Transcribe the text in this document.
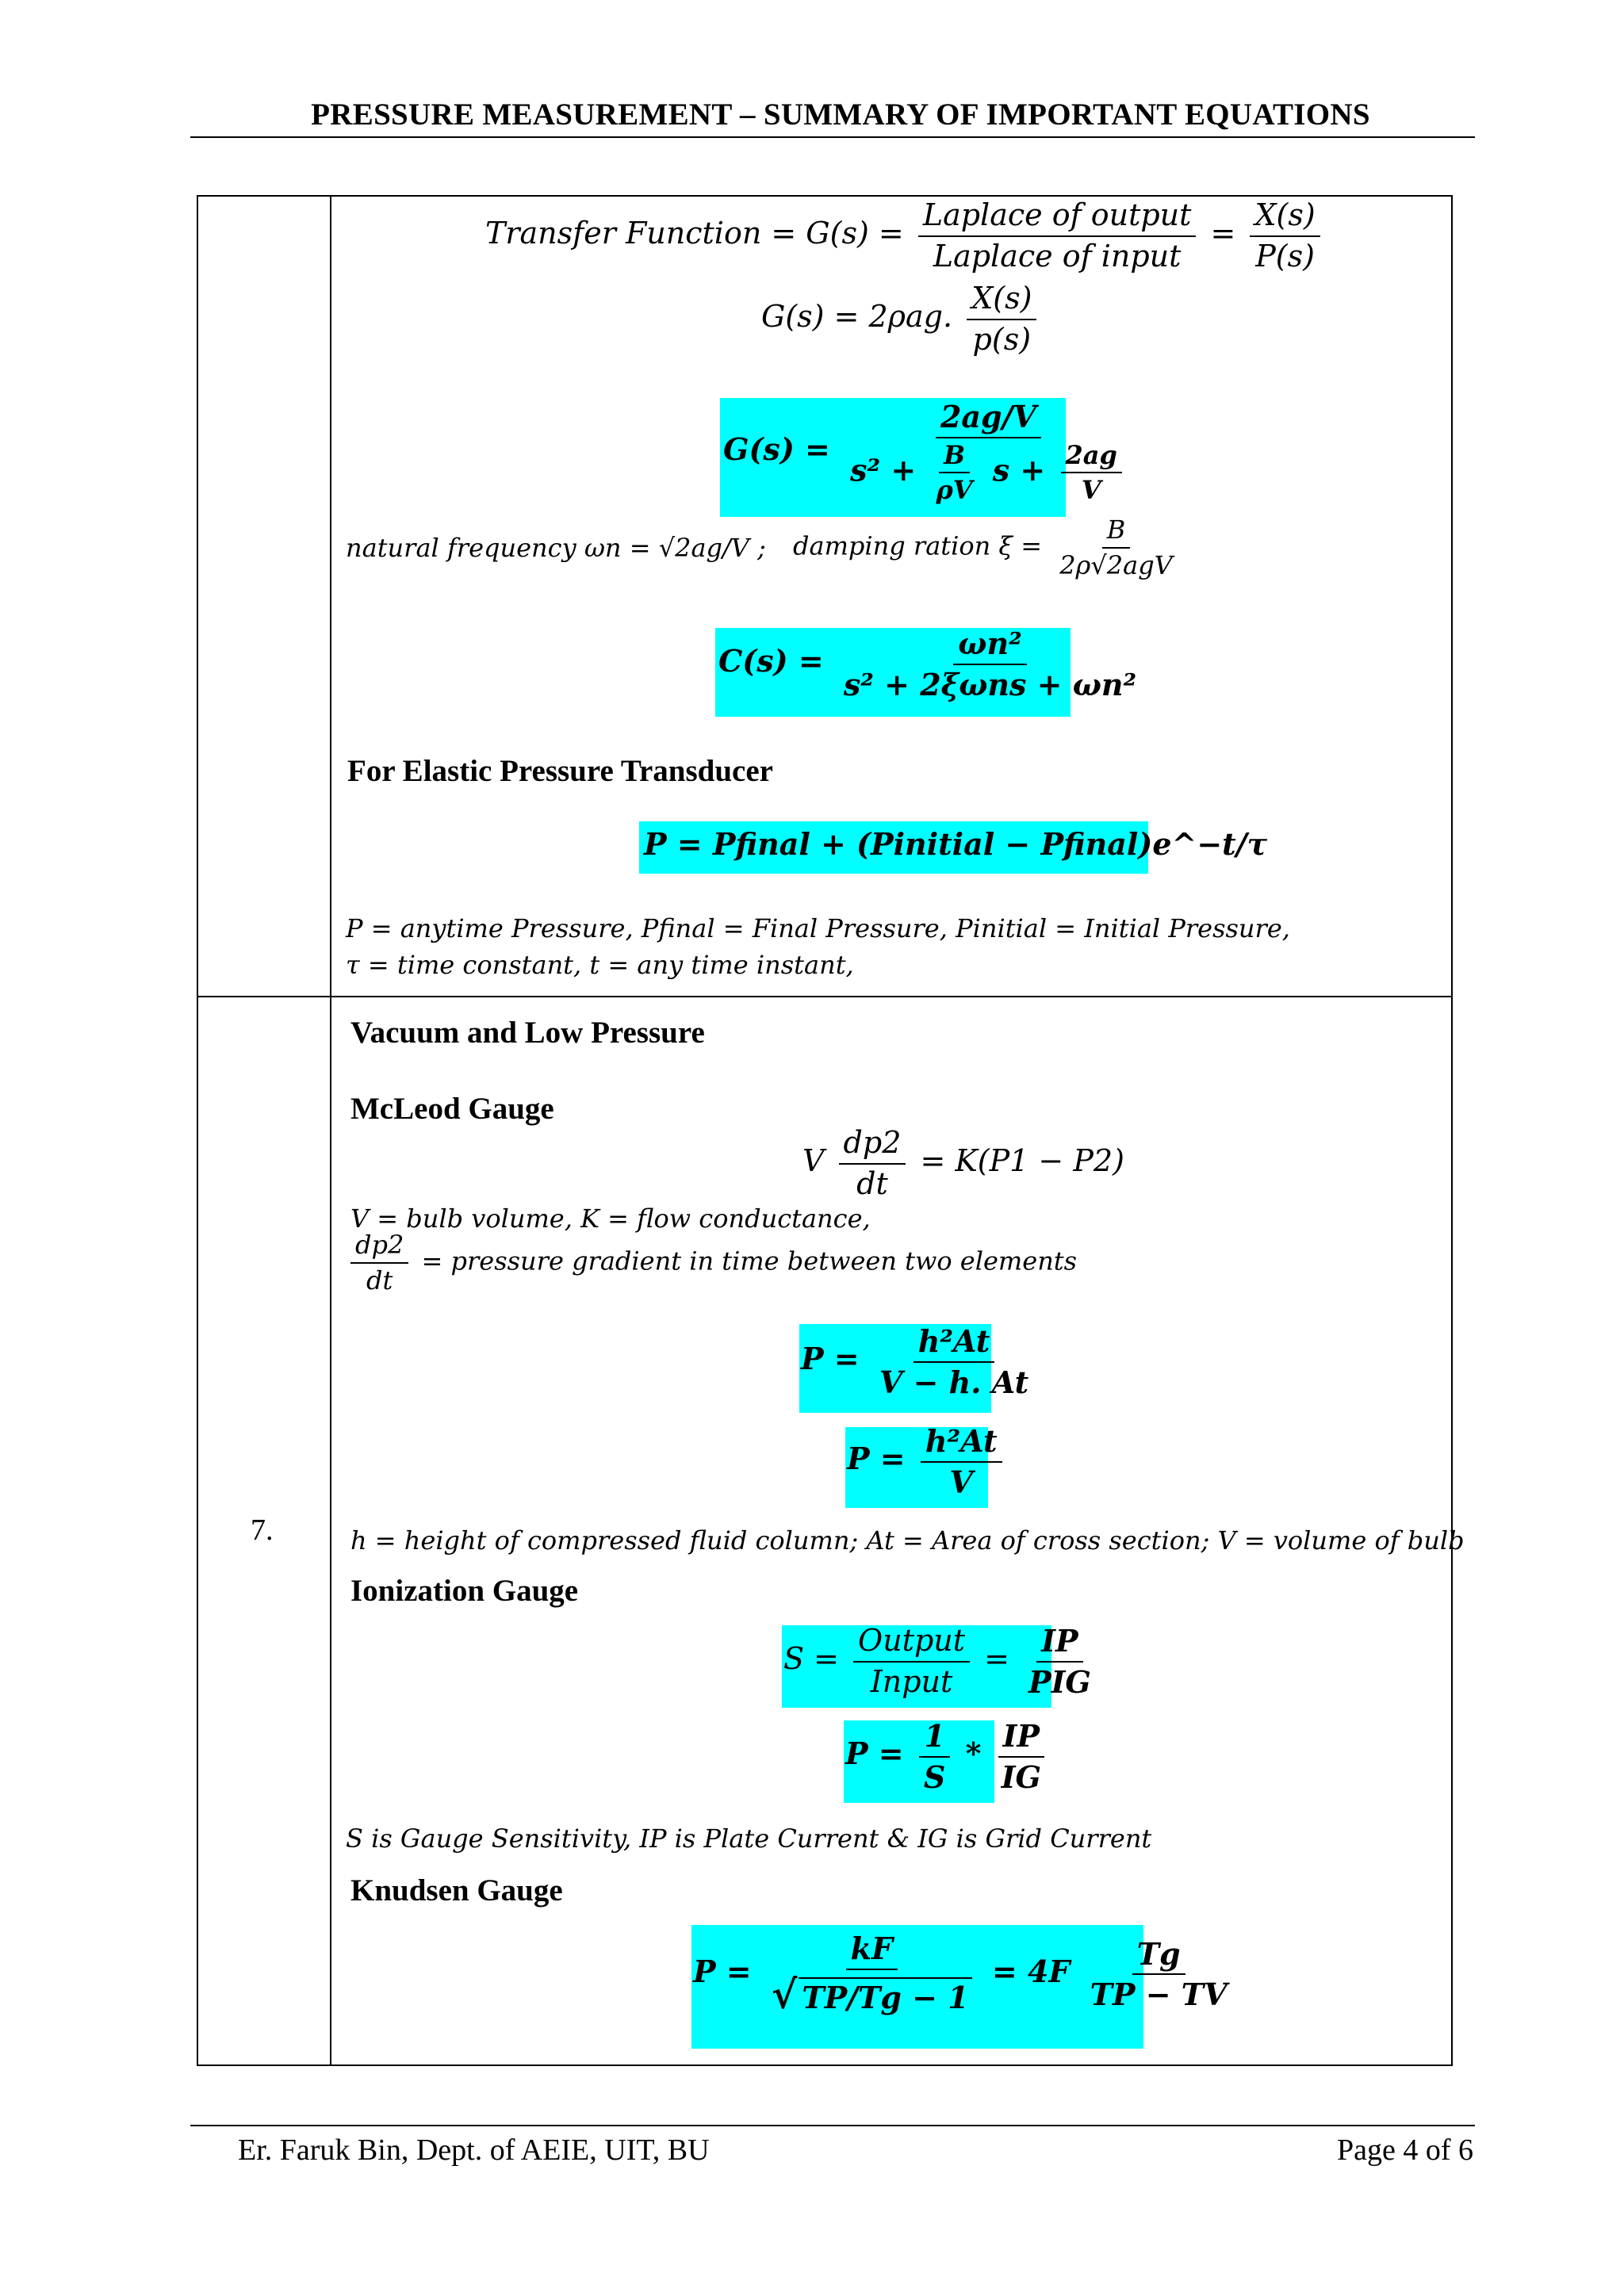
PRESSURE MEASUREMENT – SUMMARY OF IMPORTANT EQUATIONS
7.
Transfer Function = $G(s) = \frac{\text{Laplace of output}}{\text{Laplace of input}} = \frac{X(s)}{P(s)}$
G(s) = 2ρag. $\frac{X(s)}{p(s)}$
$G(s) = \frac{2ag/V}{s^2 + \frac{B}{\rho V} s + \frac{2ag}{V}}$
natural frequency ωn = √2ag/V ; damping ration $\xi = \frac{B}{\text{2ρ√2agV}}$
$C(s) = \frac{\text{ωn²}}{\text{s² + 2ξωns + ωn²}}$
For Elastic Pressure Transducer
P = Pfinal + (Pinitial − Pfinal)e^−t/τ
P = anytime Pressure, Pfinal = Final Pressure, Pinitial = Initial Pressure,
τ = time constant, t = any time instant,
Vacuum and Low Pressure
McLeod Gauge
V $\frac{dp2}{dt} = K(P1 - P2)$
V = bulb volume, K = flow conductance,
$\frac{dp2}{dt}$ = pressure gradient in time between two elements
$P = \frac{\text{h²At}}{V - h. At}$
$P = \frac{\text{h²At}}{V}$
h = height of compressed fluid column; At = Area of cross section; V = volume of bulb
Ionization Gauge
$S = \frac{\text{Output}}{\text{Input}} = \frac{IP}{\text{PIG}}$
$P = \frac{1}{S} * \frac{IP}{IG}$
S is Gauge Sensitivity, IP is Plate Current & IG is Grid Current
Knudsen Gauge
$P = \frac{kF}{√ TP/Tg - 1} = 4F \frac{Tg}{TP - TV}$
Er. Faruk Bin, Dept. of AEIE, UIT, BU	Page 4 of 6
